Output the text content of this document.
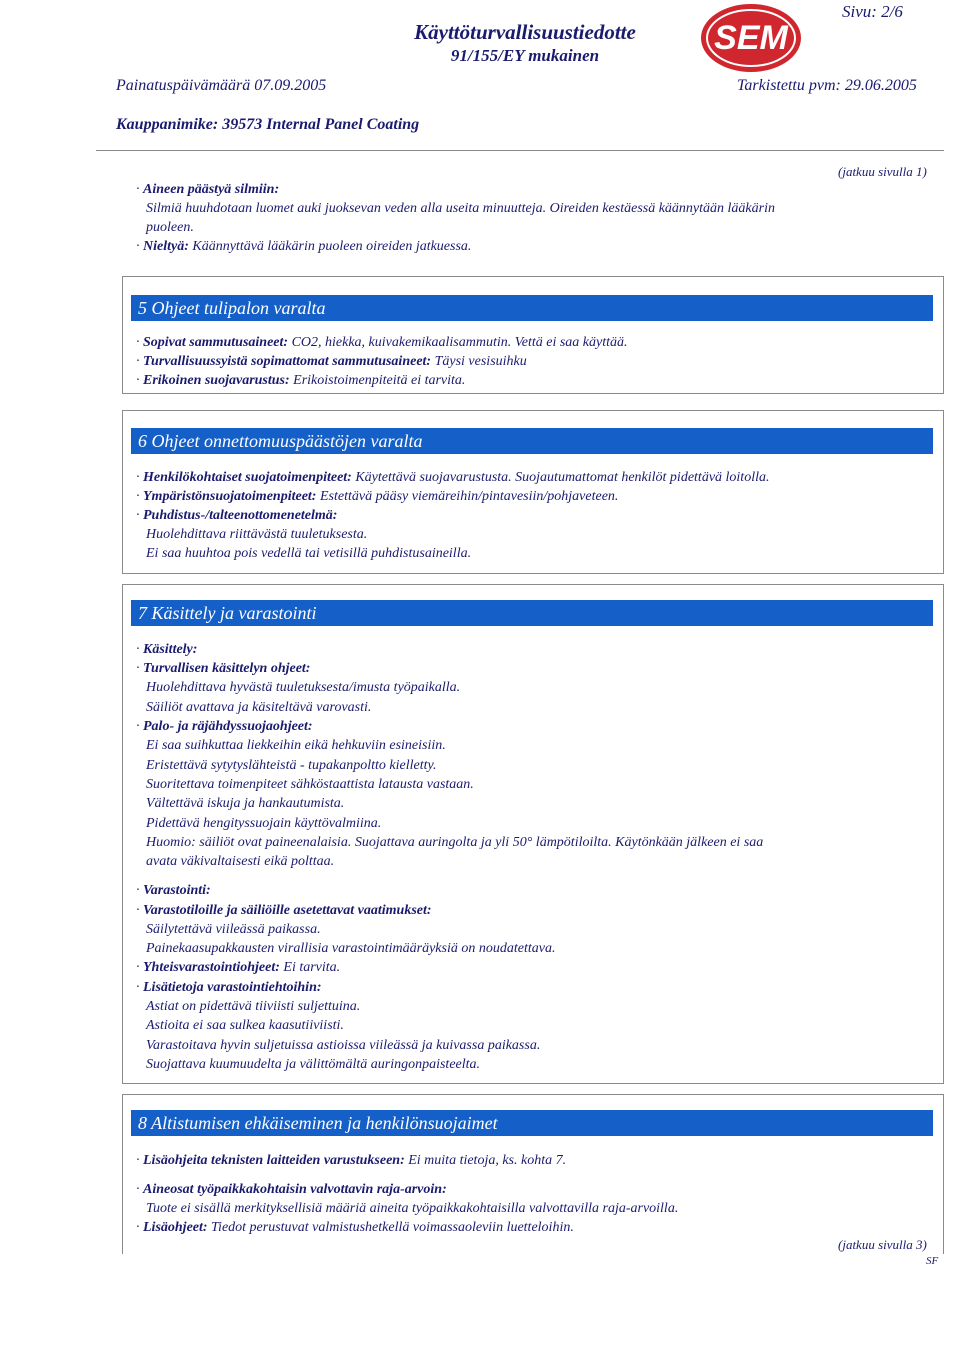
Sivu: 2/6
Käyttöturvallisuustiedotte
91/155/EY mukainen	SEM
Painatuspäivämäärä 07.09.2005	Tarkistettu pvm: 29.06.2005
Kauppanimike: 39573 Internal Panel Coating
(jatkuu sivulla 1)
· Aineen päästyä silmiin:
Silmiä huuhdotaan luomet auki juoksevan veden alla useita minuutteja. Oireiden kestäessä käännytään lääkärin
puoleen.
· Nieltyä: Käännyttävä lääkärin puoleen oireiden jatkuessa.
5 Ohjeet tulipalon varalta
· Sopivat sammutusaineet: CO2, hiekka, kuivakemikaalisammutin. Vettä ei saa käyttää.
· Turvallisuussyistä sopimattomat sammutusaineet: Täysi vesisuihku
· Erikoinen suojavarustus: Erikoistoimenpiteitä ei tarvita.
6 Ohjeet onnettomuuspäästöjen varalta
· Henkilökohtaiset suojatoimenpiteet: Käytettävä suojavarustusta. Suojautumattomat henkilöt pidettävä loitolla.
· Ympäristönsuojatoimenpiteet: Estettävä pääsy viemäreihin/pintavesiin/pohjaveteen.
· Puhdistus-/talteenottomenetelmä:
Huolehdittava riittävästä tuuletuksesta.
Ei saa huuhtoa pois vedellä tai vetisillä puhdistusaineilla.
7 Käsittely ja varastointi
· Käsittely:
· Turvallisen käsittelyn ohjeet:
Huolehdittava hyvästä tuuletuksesta/imusta työpaikalla.
Säiliöt avattava ja käsiteltävä varovasti.
· Palo- ja räjähdyssuojaohjeet:
Ei saa suihkuttaa liekkeihin eikä hehkuviin esineisiin.
Eristettävä sytytyslähteistä - tupakanpoltto kielletty.
Suoritettava toimenpiteet sähköstaattista latausta vastaan.
Vältettävä iskuja ja hankautumista.
Pidettävä hengityssuojain käyttövalmiina.
Huomio: säiliöt ovat paineenalaisia. Suojattava auringolta ja yli 50° lämpötiloilta. Käytönkään jälkeen ei saa
avata väkivaltaisesti eikä polttaa.
· Varastointi:
· Varastotiloille ja säiliöille asetettavat vaatimukset:
Säilytettävä viileässä paikassa.
Painekaasupakkausten virallisia varastointimääräyksiä on noudatettava.
· Yhteisvarastointiohjeet: Ei tarvita.
· Lisätietoja varastointiehtoihin:
Astiat on pidettävä tiiviisti suljettuina.
Astioita ei saa sulkea kaasutiiviisti.
Varastoitava hyvin suljetuissa astioissa viileässä ja kuivassa paikassa.
Suojattava kuumuudelta ja välittömältä auringonpaisteelta.
8 Altistumisen ehkäiseminen ja henkilönsuojaimet
· Lisäohjeita teknisten laitteiden varustukseen: Ei muita tietoja, ks. kohta 7.
· Aineosat työpaikkakohtaisin valvottavin raja-arvoin:
Tuote ei sisällä merkityksellisiä määriä aineita työpaikkakohtaisilla valvottavilla raja-arvoilla.
· Lisäohjeet: Tiedot perustuvat valmistushetkellä voimassaoleviin luetteloihin.
(jatkuu sivulla 3)
SF
